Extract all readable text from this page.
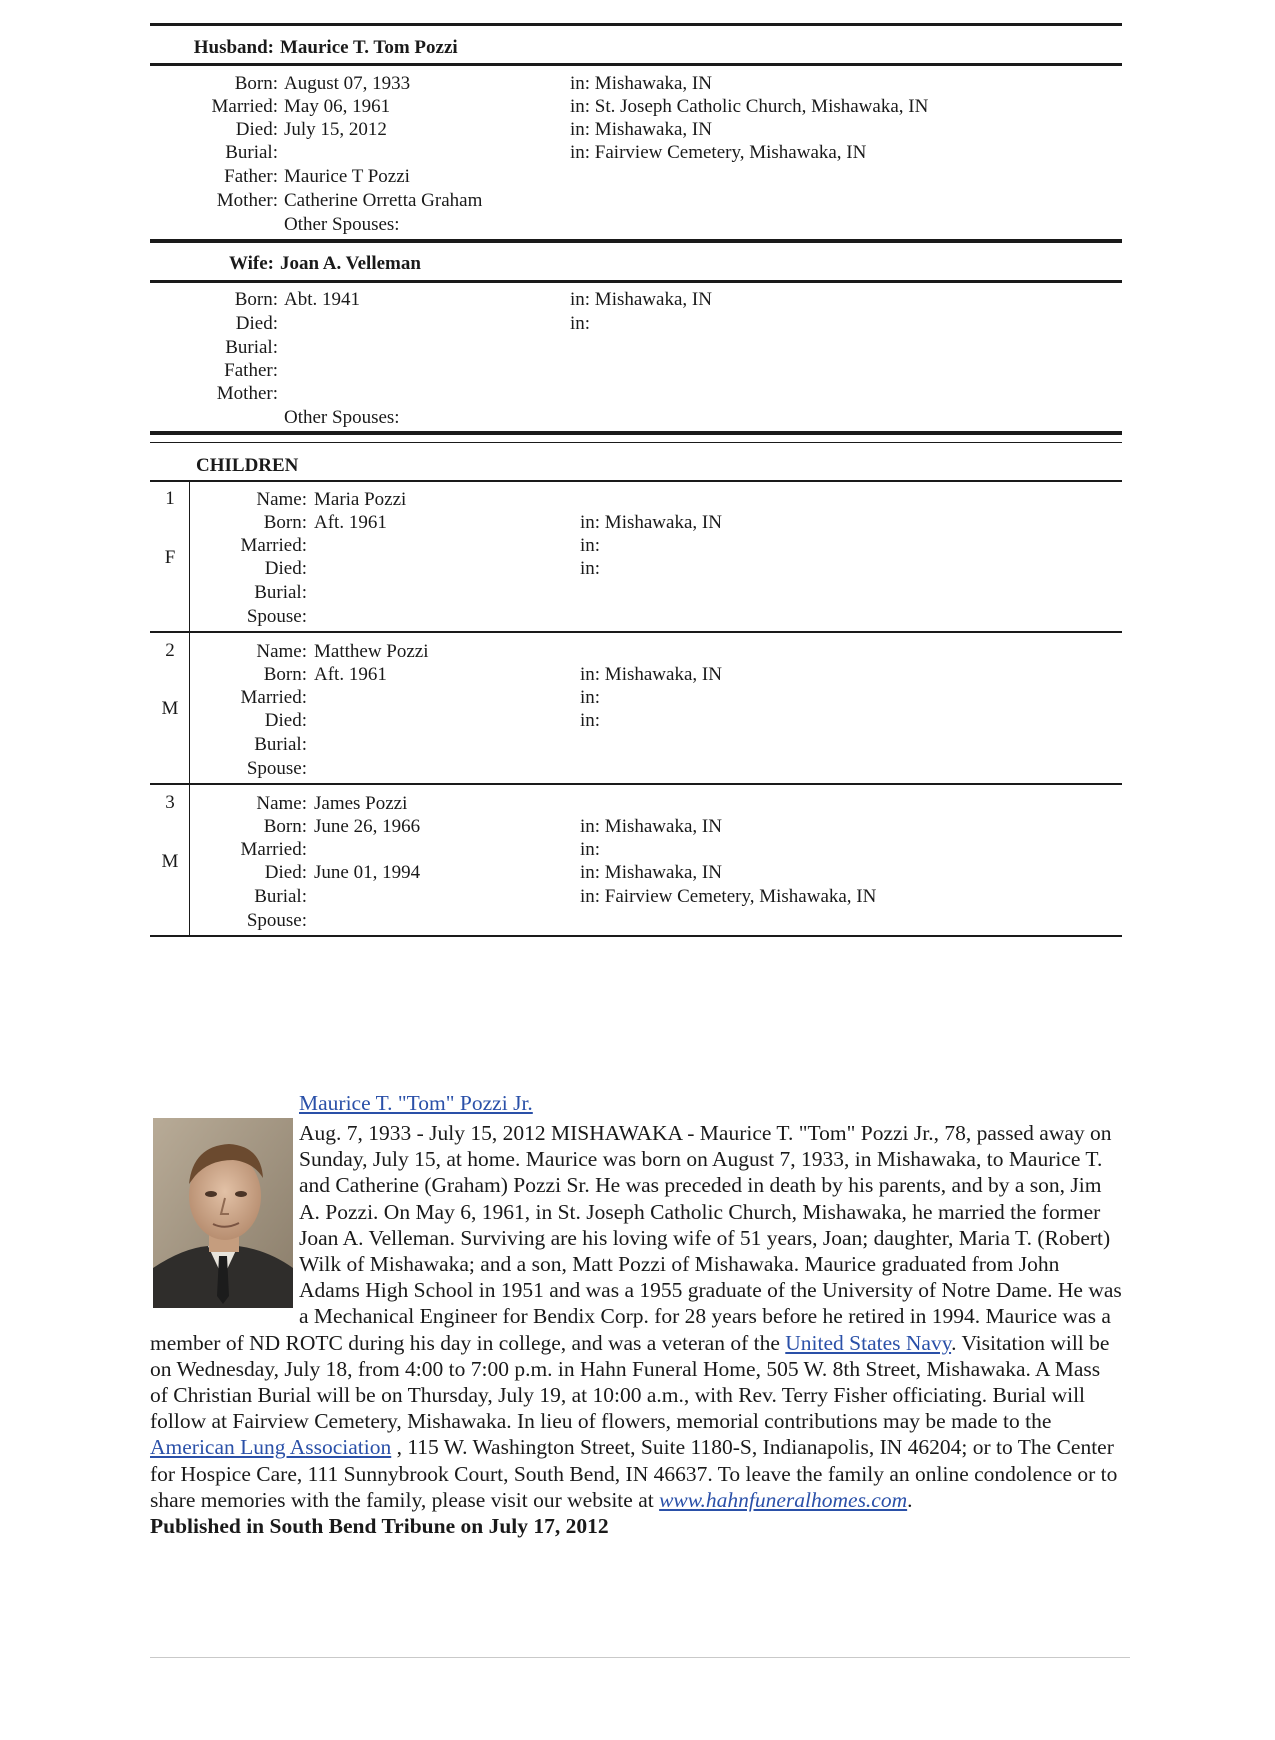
Husband: Maurice T. Tom Pozzi
Born: August 07, 1933	in: Mishawaka, IN
Married: May 06, 1961	in: St. Joseph Catholic Church, Mishawaka, IN
Died: July 15, 2012	in: Mishawaka, IN
Burial:	in: Fairview Cemetery, Mishawaka, IN
Father: Maurice T Pozzi
Mother: Catherine Orretta Graham
Other Spouses:
Wife: Joan A. Velleman
Born: Abt. 1941	in: Mishawaka, IN
Died:	in:
Burial:
Father:
Mother:
Other Spouses:
CHILDREN
1
F
Name: Maria Pozzi
Born: Aft. 1961	in: Mishawaka, IN
Married:	in:
Died:	in:
Burial:
Spouse:
2
M
Name: Matthew Pozzi
Born: Aft. 1961	in: Mishawaka, IN
Married:	in:
Died:	in:
Burial:
Spouse:
3
M
Name: James Pozzi
Born: June 26, 1966	in: Mishawaka, IN
Married:	in:
Died: June 01, 1994	in: Mishawaka, IN
Burial:	in: Fairview Cemetery, Mishawaka, IN
Spouse:
Maurice T. "Tom" Pozzi Jr.
Aug. 7, 1933 - July 15, 2012 MISHAWAKA - Maurice T. "Tom" Pozzi Jr., 78, passed away on Sunday, July 15, at home. Maurice was born on August 7, 1933, in Mishawaka, to Maurice T. and Catherine (Graham) Pozzi Sr. He was preceded in death by his parents, and by a son, Jim A. Pozzi. On May 6, 1961, in St. Joseph Catholic Church, Mishawaka, he married the former Joan A. Velleman. Surviving are his loving wife of 51 years, Joan; daughter, Maria T. (Robert) Wilk of Mishawaka; and a son, Matt Pozzi of Mishawaka. Maurice graduated from John Adams High School in 1951 and was a 1955 graduate of the University of Notre Dame. He was a Mechanical Engineer for Bendix Corp. for 28 years before he retired in 1994. Maurice was a member of ND ROTC during his day in college, and was a veteran of the United States Navy. Visitation will be on Wednesday, July 18, from 4:00 to 7:00 p.m. in Hahn Funeral Home, 505 W. 8th Street, Mishawaka. A Mass of Christian Burial will be on Thursday, July 19, at 10:00 a.m., with Rev. Terry Fisher officiating. Burial will follow at Fairview Cemetery, Mishawaka. In lieu of flowers, memorial contributions may be made to the American Lung Association , 115 W. Washington Street, Suite 1180-S, Indianapolis, IN 46204; or to The Center for Hospice Care, 111 Sunnybrook Court, South Bend, IN 46637. To leave the family an online condolence or to share memories with the family, please visit our website at www.hahnfuneralhomes.com.
Published in South Bend Tribune on July 17, 2012
